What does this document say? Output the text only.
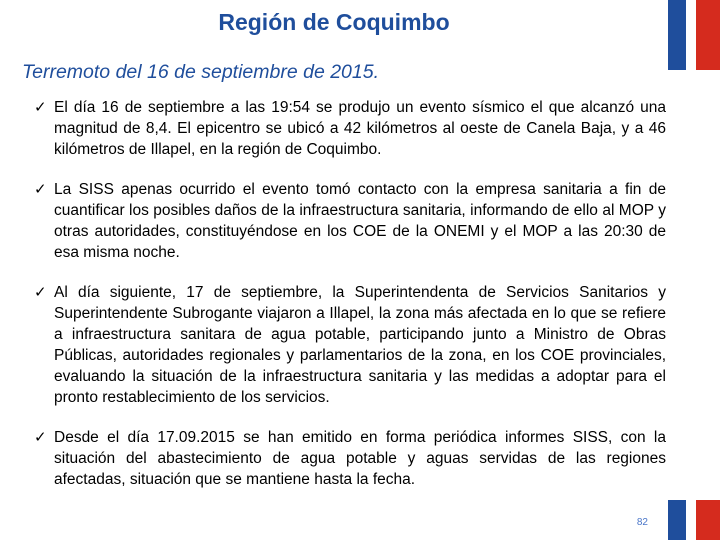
Región de Coquimbo
Terremoto del 16 de septiembre de 2015.
✓ El día 16 de septiembre a las 19:54 se produjo un evento sísmico el que alcanzó una magnitud de 8,4. El epicentro se ubicó a 42 kilómetros al oeste de Canela Baja, y a 46 kilómetros de Illapel, en la región de Coquimbo.
✓ La SISS apenas ocurrido el evento tomó contacto con la empresa sanitaria a fin de cuantificar los posibles daños de la infraestructura sanitaria, informando de ello al MOP y otras autoridades, constituyéndose en los COE de la ONEMI y el MOP a las 20:30 de esa misma noche.
✓ Al día siguiente, 17 de septiembre, la Superintendenta de Servicios Sanitarios y Superintendente Subrogante viajaron a Illapel, la zona más afectada en lo que se refiere a infraestructura sanitara de agua potable, participando junto a Ministro de Obras Públicas, autoridades regionales y parlamentarios de la zona, en los COE provinciales, evaluando la situación de la infraestructura sanitaria y las medidas a adoptar para el pronto restablecimiento de los servicios.
✓ Desde el día 17.09.2015 se han emitido en forma periódica informes SISS, con la situación del abastecimiento de agua potable y aguas servidas de las regiones afectadas, situación que se mantiene hasta la fecha.
82
